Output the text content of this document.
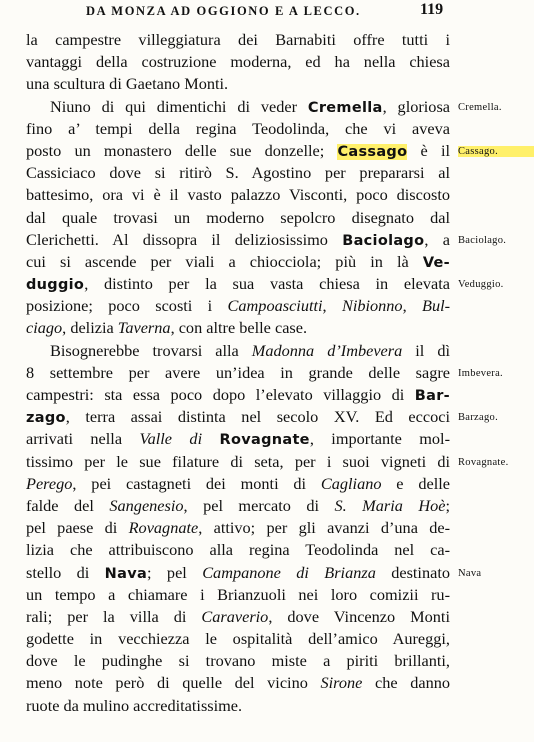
DA MONZA AD OGGIONO E A LECCO.	119
la campestre villeggiatura dei Barnabiti offre tutti i
vantaggi della costruzione moderna, ed ha nella chiesa
una scultura di Gaetano Monti.
Niuno di qui dimentichi di veder Cremella, gloriosa
fino a’ tempi della regina Teodolinda, che vi aveva
posto un monastero delle sue donzelle; Cassago è il
Cassiciaco dove si ritirò S. Agostino per prepararsi al
battesimo, ora vi è il vasto palazzo Visconti, poco discosto
dal quale trovasi un moderno sepolcro disegnato dal
Clerichetti. Al dissopra il deliziosissimo Baciolago, a
cui si ascende per viali a chiocciola; più in là Ve-
duggio, distinto per la sua vasta chiesa in elevata
posizione; poco scosti i Campoasciutti, Nibionno, Bul-
ciago, delizia Taverna, con altre belle case.
Bisognerebbe trovarsi alla Madonna d’Imbevera il dì
8 settembre per avere un’idea in grande delle sagre
campestri: sta essa poco dopo l’elevato villaggio di Bar-
zago, terra assai distinta nel secolo XV. Ed eccoci
arrivati nella Valle di Rovagnate, importante mol-
tissimo per le sue filature di seta, per i suoi vigneti di
Perego, pei castagneti dei monti di Cagliano e delle
falde del Sangenesio, pel mercato di S. Maria Hoè;
pel paese di Rovagnate, attivo; per gli avanzi d’una de-
lizia che attribuiscono alla regina Teodolinda nel ca-
stello di Nava; pel Campanone di Brianza destinato
un tempo a chiamare i Brianzuoli nei loro comizii ru-
rali; per la villa di Caraverio, dove Vincenzo Monti
godette in vecchiezza le ospitalità dell’amico Aureggi,
dove le pudinghe si trovano miste a piriti brillanti,
meno note però di quelle del vicino Sirone che danno
ruote da mulino accreditatissime.
Cremella.
Cassago.
Baciolago.
Veduggio.
Imbevera.
Barzago.
Rovagnate.
Nava
